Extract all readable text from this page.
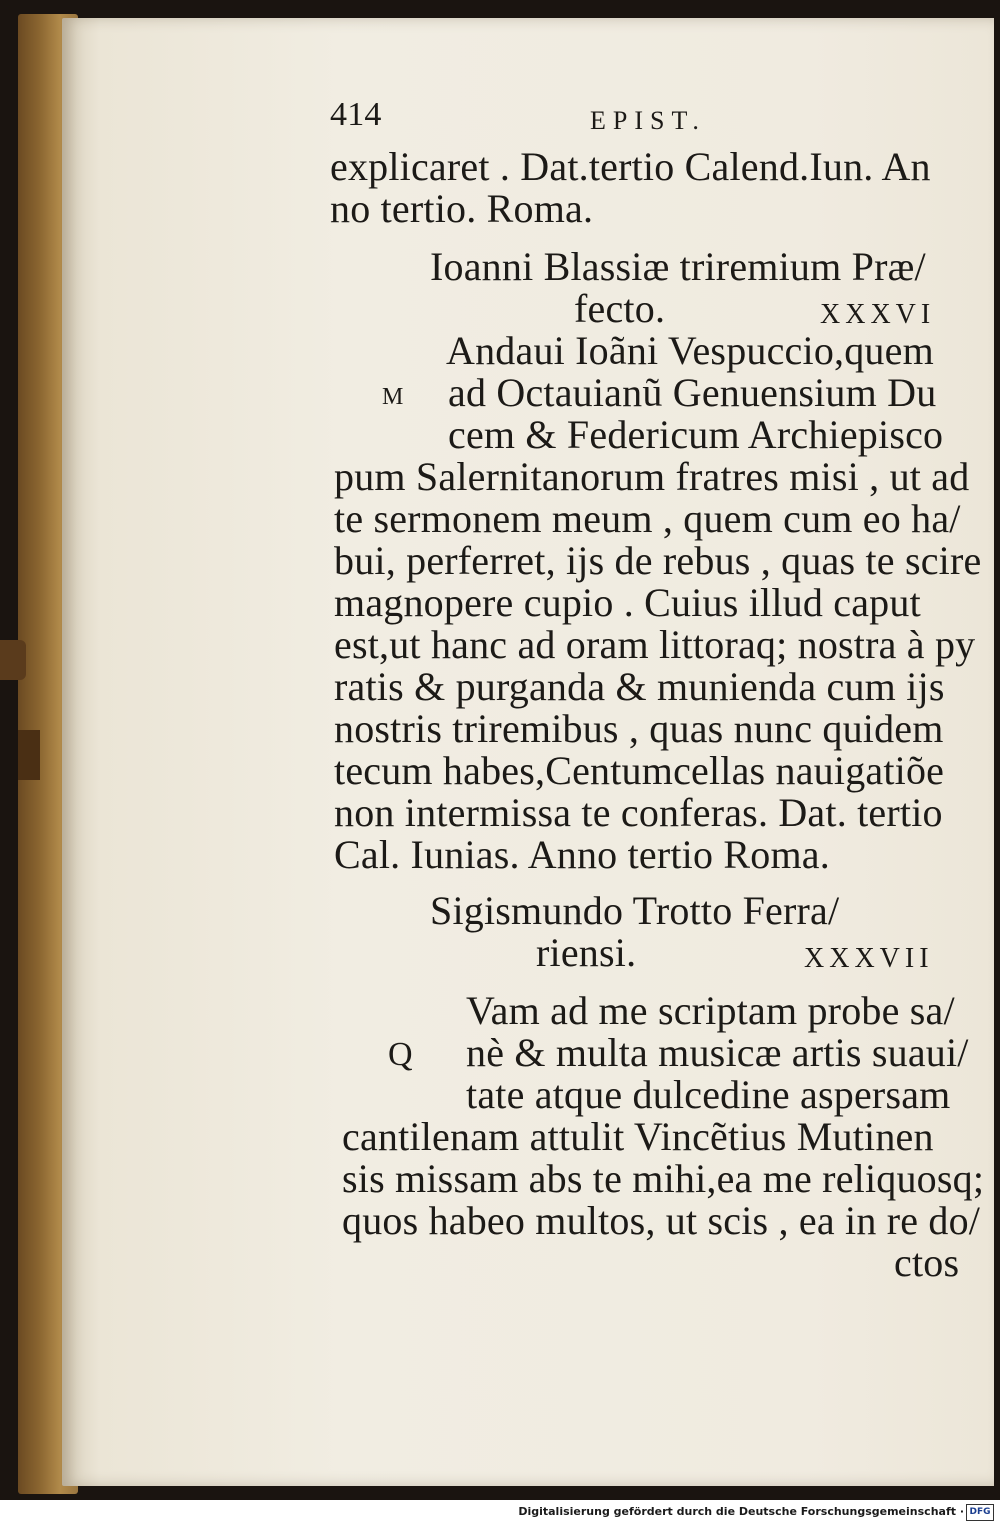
414	EPIST.
explicaret . Dat.tertio Calend.Iun. An
no tertio. Roma.
Ioanni Blassiæ triremium Præ/
fecto.	XXXVI
M
Andaui Ioãni Vespuccio,quem
ad Octauianũ Genuensium Du
cem & Federicum Archiepisco
pum Salernitanorum fratres misi , ut ad
te sermonem meum , quem cum eo ha/
bui, perferret, ijs de rebus , quas te scire
magnopere cupio . Cuius illud caput
est,ut hanc ad oram littoraq; nostra à py
ratis & purganda & munienda cum ijs
nostris triremibus , quas nunc quidem
tecum habes,Centumcellas nauigatiõe
non intermissa te conferas. Dat. tertio
Cal. Iunias. Anno tertio Roma.
Sigismundo Trotto Ferra/
riensi.	XXXVII
Q
Vam ad me scriptam probe sa/
nè & multa musicæ artis suaui/
tate atque dulcedine aspersam
cantilenam attulit Vincẽtius Mutinen
sis missam abs te mihi,ea me reliquosq;
quos habeo multos, ut scis , ea in re do/
ctos
Digitalisierung gefördert durch die Deutsche Forschungsgemeinschaft · DFG
